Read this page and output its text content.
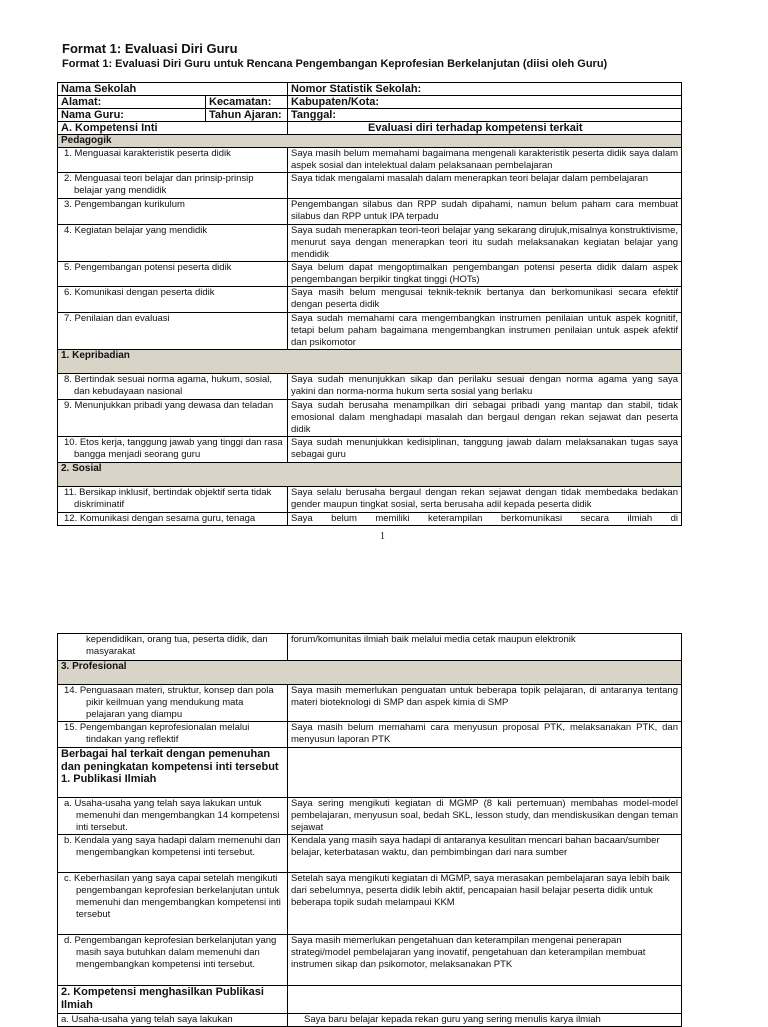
Format 1: Evaluasi Diri Guru
Format 1: Evaluasi Diri Guru untuk Rencana Pengembangan Keprofesian Berkelanjutan (diisi oleh Guru)
Nama Sekolah		Nomor Statistik Sekolah:
Alamat:	Kecamatan:	Kabupaten/Kota:
Nama Guru:	Tahun Ajaran:	Tanggal:
A. Kompetensi Inti		Evaluasi diri terhadap kompetensi terkait
Pedagogik		
1. Menguasai karakteristik peserta didik		Saya masih belum memahami bagaimana mengenali karakteristik peserta didik saya dalam aspek sosial dan intelektual dalam pelaksanaan pembelajaran
2. Menguasai teori belajar dan prinsip-prinsip belajar yang mendidik		Saya tidak mengalami masalah dalam menerapkan teori belajar dalam pembelajaran
3. Pengembangan kurikulum		Pengembangan silabus dan RPP sudah dipahami, namun belum paham cara membuat silabus dan RPP untuk IPA terpadu
4. Kegiatan belajar yang mendidik		Saya sudah menerapkan teori-teori belajar yang sekarang dirujuk,misalnya konstruktivisme, menurut saya dengan menerapkan teori itu sudah melaksanakan kegiatan belajar yang mendidik
5. Pengembangan potensi peserta didik		Saya belum dapat mengoptimalkan pengembangan potensi peserta didik dalam aspek pengembangan berpikir tingkat tinggi (HOTs)
6. Komunikasi dengan peserta didik		Saya masih belum mengusai teknik-teknik bertanya dan berkomunikasi secara efektif dengan peserta didik
7. Penilaian dan evaluasi		Saya sudah memahami cara mengembangkan instrumen penilaian untuk aspek kognitif, tetapi belum paham bagaimana mengembangkan instrumen penilaian untuk aspek afektif dan psikomotor
1. Kepribadian		
8. Bertindak sesuai norma agama, hukum, sosial, dan kebudayaan nasional		Saya sudah menunjukkan sikap dan perilaku sesuai dengan norma agama yang saya yakini dan norma-norma hukum serta sosial yang berlaku
9. Menunjukkan pribadi yang dewasa dan teladan		Saya sudah berusaha menampilkan diri sebagai pribadi yang mantap dan stabil, tidak emosional dalam menghadapi masalah dan bergaul dengan rekan sejawat dan peserta didik
10. Etos kerja, tanggung jawab yang tinggi dan rasa bangga menjadi seorang guru		Saya sudah menunjukkan kedisiplinan, tanggung jawab dalam melaksanakan tugas saya sebagai guru
2. Sosial		
11. Bersikap inklusif, bertindak objektif serta tidak diskriminatif		Saya selalu berusaha bergaul dengan rekan sejawat dengan tidak membedaka bedakan gender maupun tingkat sosial, serta berusaha adil kepada peserta didik
12. Komunikasi dengan sesama guru, tenaga		Saya belum memiliki keterampilan berkomunikasi secara ilmiah di
1
kependidikan, orang tua, peserta didik, dan masyarakat	forum/komunitas ilmiah baik melalui media cetak maupun elektronik
3. Profesional	
14. Penguasaan materi, struktur, konsep dan pola pikir keilmuan yang mendukung mata pelajaran yang diampu	Saya masih memerlukan penguatan untuk beberapa topik pelajaran, di antaranya tentang materi bioteknologi di SMP dan aspek kimia di SMP
15. Pengembangan keprofesionalan melalui tindakan yang reflektif	Saya masih belum memahami cara menyusun proposal PTK, melaksanakan PTK, dan menyusun laporan PTK
Berbagai hal terkait dengan pemenuhan dan peningkatan kompetensi inti tersebut
1. Publikasi Ilmiah	
a. Usaha-usaha yang telah saya lakukan untuk memenuhi dan mengembangkan 14 kompetensi inti tersebut.	Saya sering mengikuti kegiatan di MGMP (8 kali pertemuan) membahas model-model pembelajaran, menyusun soal, bedah SKL, lesson study, dan mendiskusikan dengan teman sejawat
b. Kendala yang saya hadapi dalam memenuhi dan mengembangkan kompetensi inti tersebut.	Kendala yang masih saya hadapi di antaranya kesulitan mencari bahan bacaan/sumber belajar, keterbatasan waktu, dan pembimbingan dari nara sumber
c. Keberhasilan yang saya capai setelah mengikuti pengembangan keprofesian berkelanjutan untuk memenuhi dan mengembangkan kompetensi inti tersebut	Setelah saya mengikuti kegiatan di MGMP, saya merasakan pembelajaran saya lebih baik dari sebelumnya, peserta didik lebih aktif, pencapaian hasil belajar peserta didik untuk beberapa topik sudah melampaui KKM
d. Pengembangan keprofesian berkelanjutan yang masih saya butuhkan dalam memenuhi dan mengembangkan kompetensi inti tersebut.	Saya masih memerlukan pengetahuan dan keterampilan mengenai penerapan strategi/model pembelajaran yang inovatif, pengetahuan dan keterampilan membuat instrumen sikap dan psikomotor, melaksanakan PTK
2. Kompetensi menghasilkan Publikasi Ilmiah	
a. Usaha-usaha yang telah saya lakukan	Saya baru belajar kepada rekan guru yang sering menulis karya ilmiah
